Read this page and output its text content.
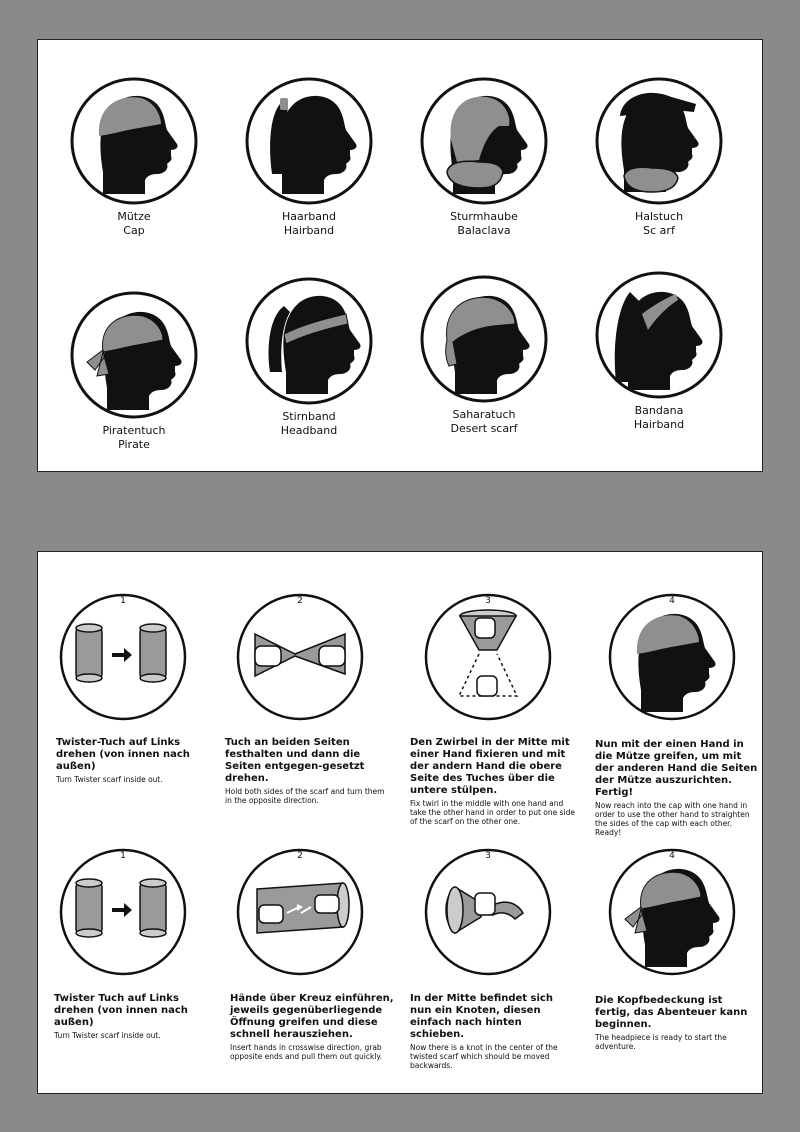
Mütze
Cap
Haarband
Hairband
Sturmhaube
Balaclava
Halstuch
Sc arf
Piratentuch
Pirate
Stirnband
Headband
Saharatuch
Desert scarf
Bandana
Hairband
1
Twister-Tuch auf Links drehen (von innen nach außen)
Turn Twister scarf inside out.
2
Tuch an beiden Seiten festhalten und dann die Seiten entgegen-gesetzt drehen.
Hold both sides of the scarf and turn them in the opposite direction.
3
Den Zwirbel in der Mitte mit einer Hand fixieren und mit der andern Hand die obere Seite des Tuches über die untere stülpen.
Fix twirl in the middle with one hand and take the other hand in order to put one side of the scarf on the other one.
4
Nun mit der einen Hand in die Mütze greifen, um mit der anderen Hand die Seiten der Mütze auszurichten. Fertig!
Now reach into the cap with one hand in order to use the other hand to straighten the sides of the cap with each other. Ready!
1
Twister Tuch auf Links drehen (von innen nach außen)
Turn Twister scarf inside out.
2
Hände über Kreuz einführen, jeweils gegenüberliegende Öffnung greifen und diese schnell herausziehen.
Insert hands in crosswise direction, grab opposite ends and pull them out quickly.
3
In der Mitte befindet sich nun ein Knoten, diesen einfach nach hinten schieben.
Now there is a knot in the center of the twisted scarf which should be moved backwards.
4
Die Kopfbedeckung ist fertig, das Abenteuer kann beginnen.
The headpiece is ready to start the adventure.
